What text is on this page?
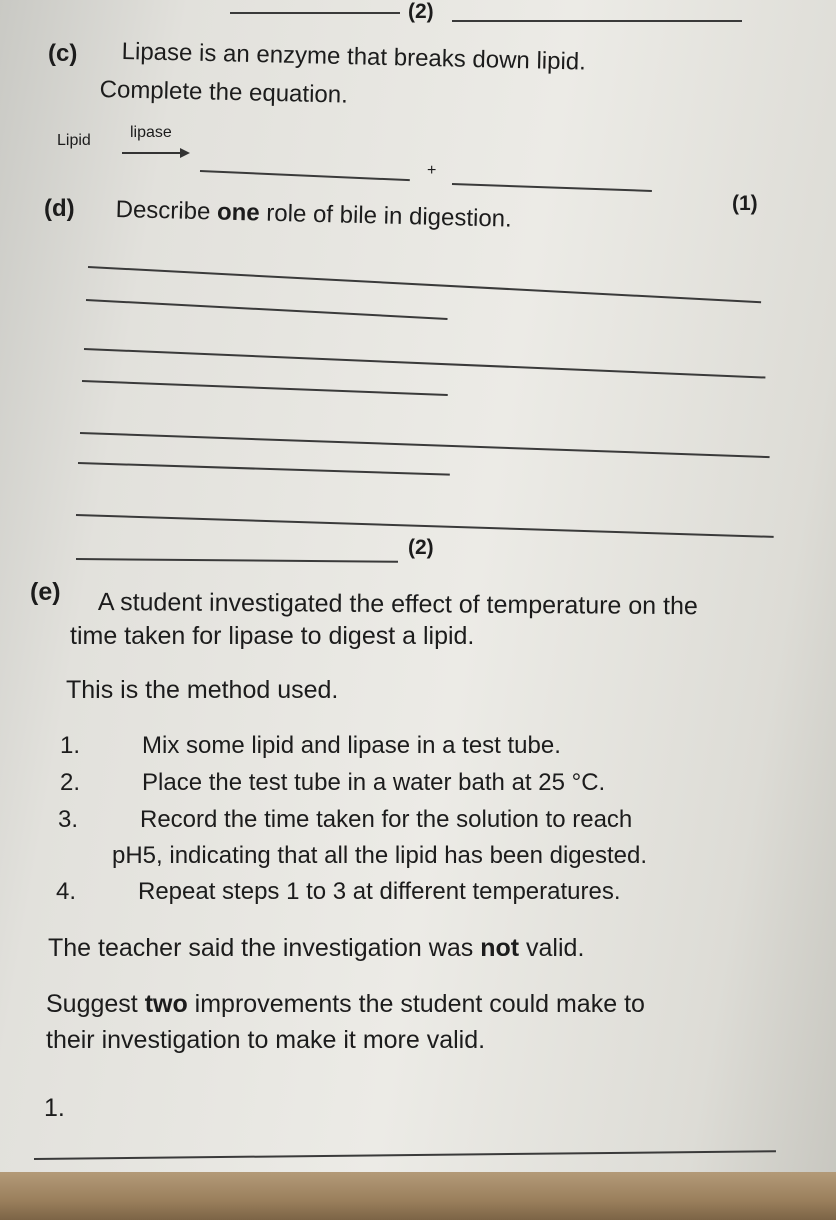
(2)
(c) Lipase is an enzyme that breaks down lipid.
Complete the equation.
Lipid lipase
+
(1)
(d) Describe one role of bile in digestion.
(2)
(e) A student investigated the effect of temperature on the
time taken for lipase to digest a lipid.
This is the method used.
1.	Mix some lipid and lipase in a test tube.
2.	Place the test tube in a water bath at 25 °C.
3.	Record the time taken for the solution to reach
pH5, indicating that all the lipid has been digested.
4.	Repeat steps 1 to 3 at different temperatures.
The teacher said the investigation was not valid.
Suggest two improvements the student could make to
their investigation to make it more valid.
1.
